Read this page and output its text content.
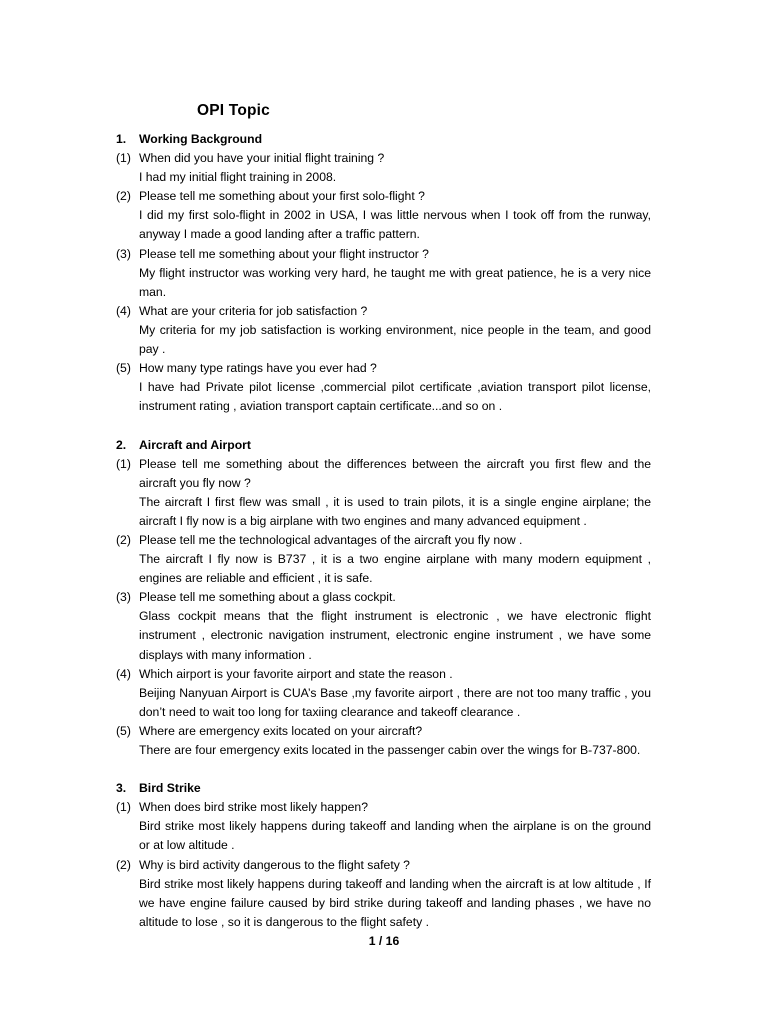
OPI Topic
1.	Working Background
(1) When did you have your initial flight training ?
I had my initial flight training in 2008.
(2) Please tell me something about your first solo-flight ?
I did my first solo-flight in 2002 in USA, I was little nervous when I took off from the runway, anyway I made a good landing after a traffic pattern.
(3) Please tell me something about your flight instructor ?
My flight instructor was working very hard, he taught me with great patience, he is a very nice man.
(4) What are your criteria for job satisfaction ?
My criteria for my job satisfaction is working environment, nice people in the team, and good pay .
(5) How many type ratings have you ever had ?
I have had Private pilot license ,commercial pilot certificate ,aviation transport pilot license, instrument rating , aviation transport captain certificate...and so on .
2.	Aircraft and Airport
(1) Please tell me something about the differences between the aircraft you first flew and the aircraft you fly now ?
The aircraft I first flew was small , it is used to train pilots, it is a single engine airplane; the aircraft I fly now is a big airplane with two engines and many advanced equipment .
(2) Please tell me the technological advantages of the aircraft you fly now .
The aircraft I fly now is B737 , it is a two engine airplane with many modern equipment , engines are reliable and efficient , it is safe.
(3) Please tell me something about a glass cockpit.
Glass cockpit means that the flight instrument is electronic , we have electronic flight instrument , electronic navigation instrument, electronic engine instrument , we have some displays with many information .
(4) Which airport is your favorite airport and state the reason .
Beijing Nanyuan Airport is CUA’s Base ,my favorite airport , there are not too many traffic , you don’t need to wait too long for taxiing clearance and takeoff clearance .
(5) Where are emergency exits located on your aircraft?
There are four emergency exits located in the passenger cabin over the wings for B-737-800.
3.	Bird Strike
(1) When does bird strike most likely happen?
Bird strike most likely happens during takeoff and landing when the airplane is on the ground or at low altitude .
(2) Why is bird activity dangerous to the flight safety ?
Bird strike most likely happens during takeoff and landing when the aircraft is at low altitude , If we have engine failure caused by bird strike during takeoff and landing phases , we have no altitude to lose , so it is dangerous to the flight safety .
1 / 16
